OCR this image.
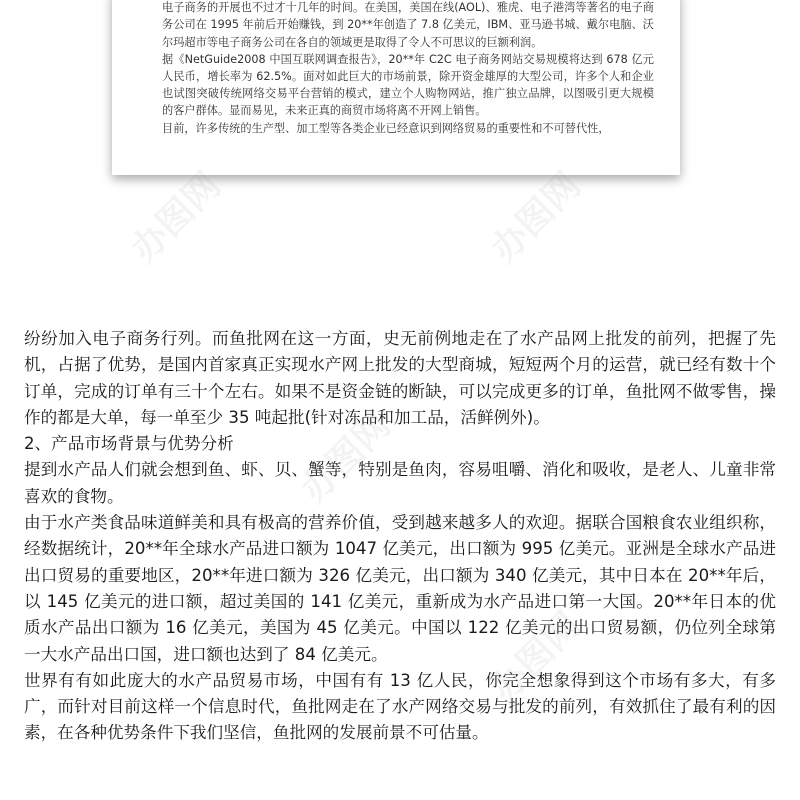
电子商务的开展也不过才十几年的时间。在美国，美国在线(AOL)、雅虎、电子港湾等著名的电子商务公司在 1995 年前后开始赚钱，到 20**年创造了 7.8 亿美元，IBM、亚马逊书城、戴尔电脑、沃尔玛超市等电子商务公司在各自的领域更是取得了令人不可思议的巨额利润。

据《NetGuide2008 中国互联网调查报告》，20**年 C2C 电子商务网站交易规模将达到 678 亿元人民币，增长率为 62.5%。面对如此巨大的市场前景，除开资金雄厚的大型公司，许多个人和企业也试图突破传统网络交易平台营销的模式，建立个人购物网站，推广独立品牌，以图吸引更大规模的客户群体。显而易见，未来正真的商贸市场将离不开网上销售。

目前，许多传统的生产型、加工型等各类企业已经意识到网络贸易的重要性和不可替代性，

纷纷加入电子商务行列。而鱼批网在这一方面，史无前例地走在了水产品网上批发的前列，把握了先机，占据了优势，是国内首家真正实现水产网上批发的大型商城，短短两个月的运营，就已经有数十个订单，完成的订单有三十个左右。如果不是资金链的断缺，可以完成更多的订单，鱼批网不做零售，操作的都是大单，每一单至少 35 吨起批(针对冻品和加工品，活鲜例外)。

2、产品市场背景与优势分析

提到水产品人们就会想到鱼、虾、贝、蟹等，特别是鱼肉，容易咀嚼、消化和吸收，是老人、儿童非常喜欢的食物。

由于水产类食品味道鲜美和具有极高的营养价值，受到越来越多人的欢迎。据联合国粮食农业组织称，经数据统计，20**年全球水产品进口额为 1047 亿美元，出口额为 995 亿美元。亚洲是全球水产品进出口贸易的重要地区，20**年进口额为 326 亿美元，出口额为 340 亿美元，其中日本在 20**年后，以 145 亿美元的进口额，超过美国的 141 亿美元，重新成为水产品进口第一大国。20**年日本的优质水产品出口额为 16 亿美元，美国为 45 亿美元。中国以 122 亿美元的出口贸易额，仍位列全球第一大水产品出口国，进口额也达到了 84 亿美元。

世界有有如此庞大的水产品贸易市场，中国有有 13 亿人民，你完全想象得到这个市场有多大，有多广，而针对目前这样一个信息时代，鱼批网走在了水产网络交易与批发的前列，有效抓住了最有利的因素，在各种优势条件下我们坚信，鱼批网的发展前景不可估量。

办图网	办图网
办图网
办图网
